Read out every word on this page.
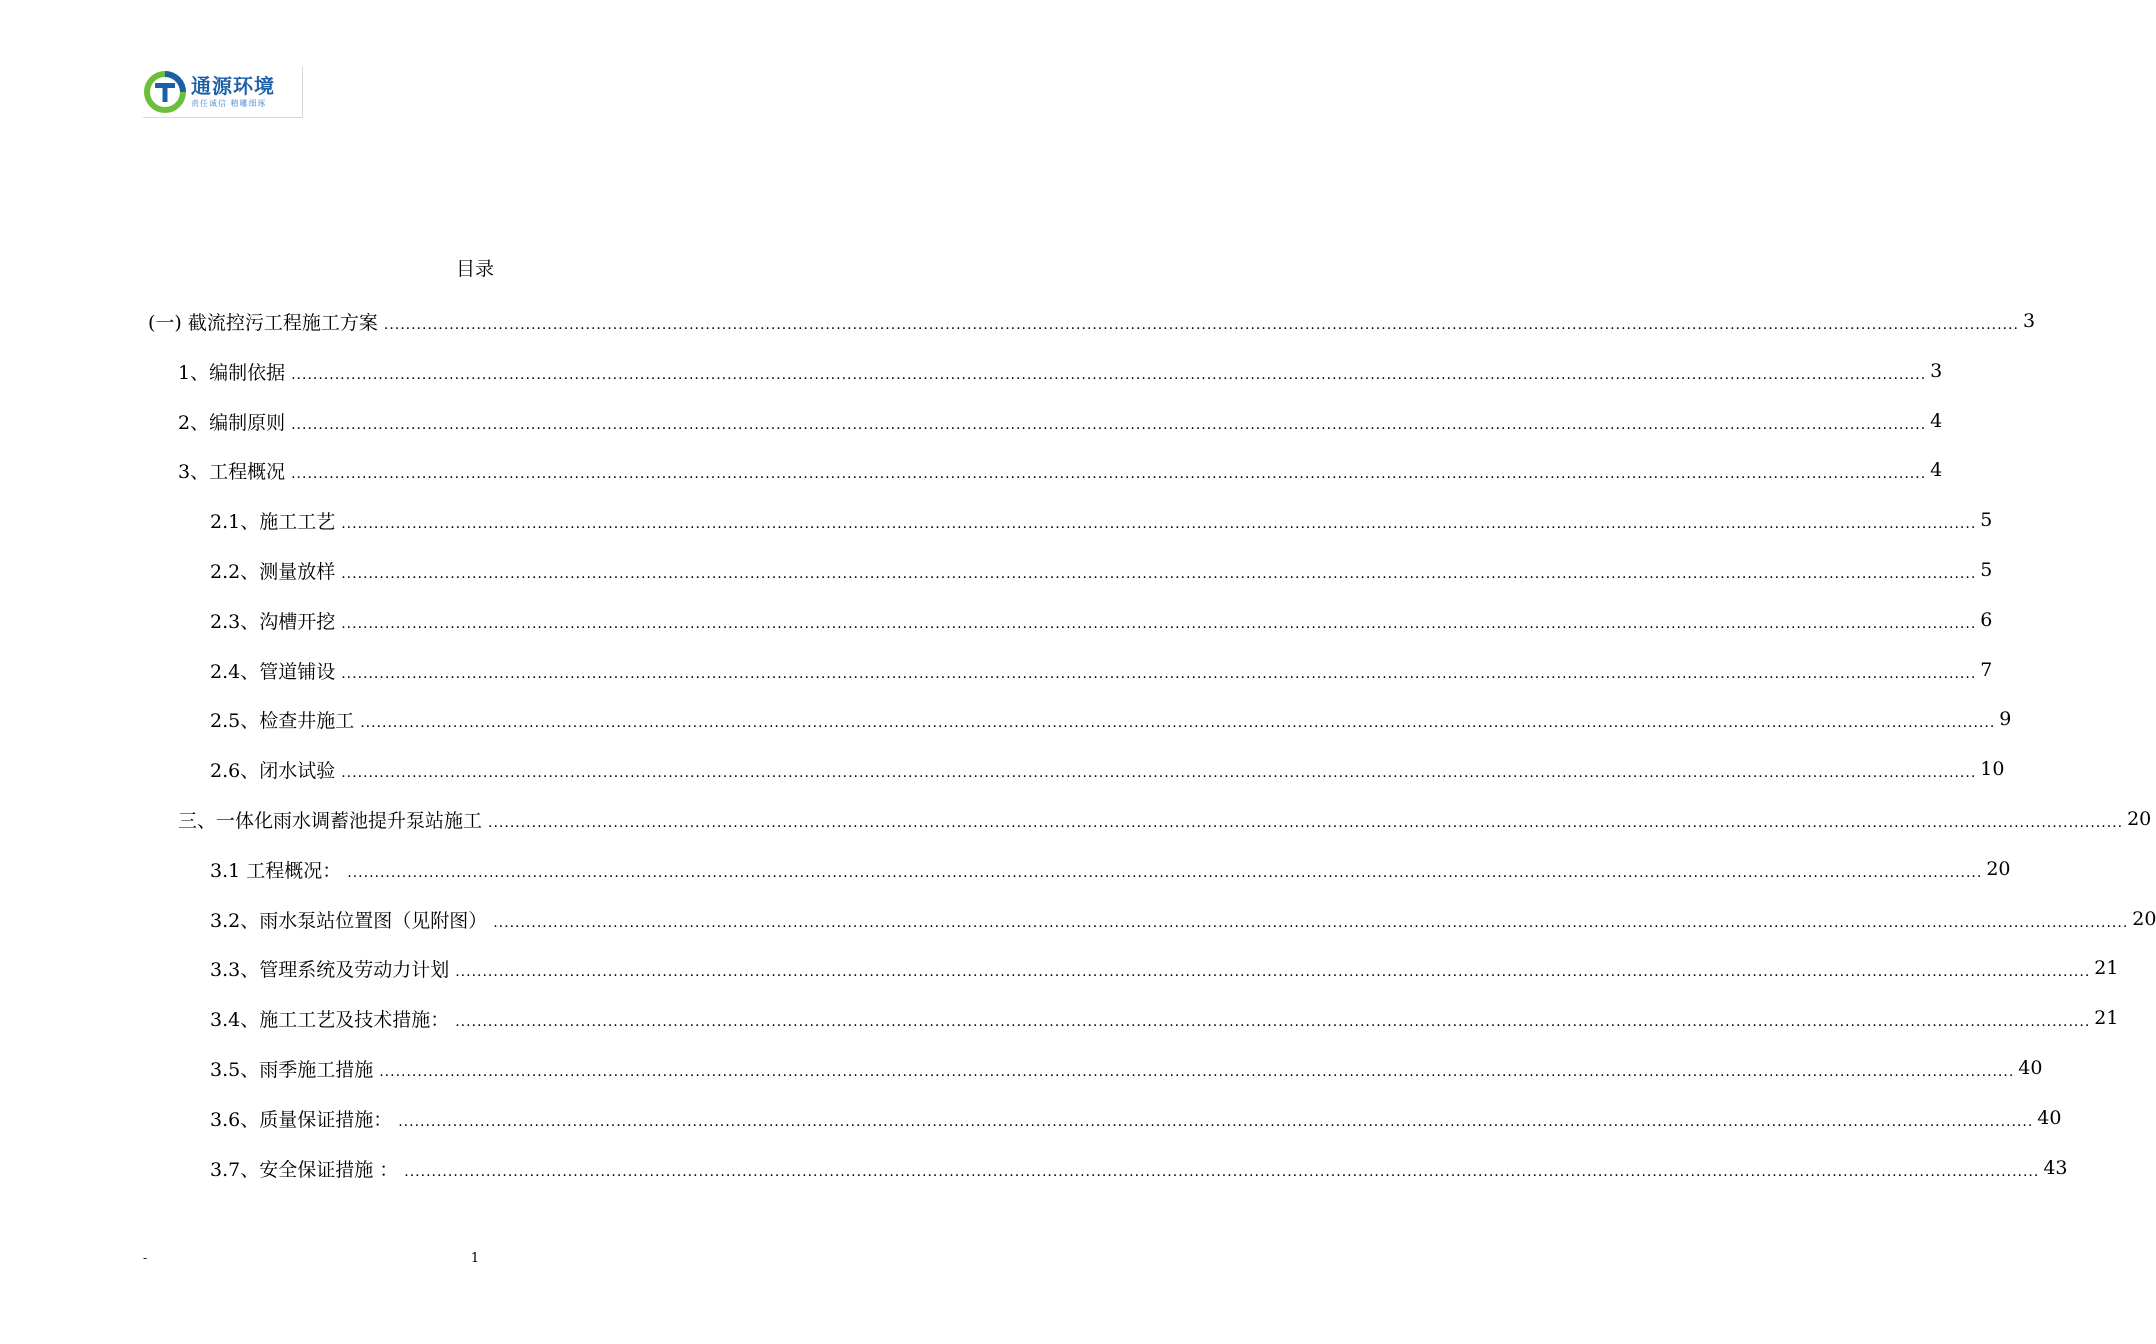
通源环境
责任诚信 精雕细琢
目录
(一) 截流控污工程施工方案 ............................................................................................................................................................................................................................................................................................................ 3
1、编制依据 ............................................................................................................................................................................................................................................................................................................ 3
2、编制原则 ............................................................................................................................................................................................................................................................................................................ 4
3、工程概况 ............................................................................................................................................................................................................................................................................................................ 4
2.1、施工工艺 ............................................................................................................................................................................................................................................................................................................ 5
2.2、测量放样 ............................................................................................................................................................................................................................................................................................................ 5
2.3、沟槽开挖 ............................................................................................................................................................................................................................................................................................................ 6
2.4、管道铺设 ............................................................................................................................................................................................................................................................................................................ 7
2.5、检查井施工 ............................................................................................................................................................................................................................................................................................................ 9
2.6、闭水试验 ............................................................................................................................................................................................................................................................................................................ 10
三、一体化雨水调蓄池提升泵站施工 ............................................................................................................................................................................................................................................................................................................ 20
3.1 工程概况： ............................................................................................................................................................................................................................................................................................................ 20
3.2、雨水泵站位置图（见附图） ............................................................................................................................................................................................................................................................................................................ 20
3.3、管理系统及劳动力计划 ............................................................................................................................................................................................................................................................................................................ 21
3.4、施工工艺及技术措施： ............................................................................................................................................................................................................................................................................................................ 21
3.5、雨季施工措施 ............................................................................................................................................................................................................................................................................................................ 40
3.6、质量保证措施： ............................................................................................................................................................................................................................................................................................................ 40
3.7、安全保证措施 ： ............................................................................................................................................................................................................................................................................................................ 43
-	1
